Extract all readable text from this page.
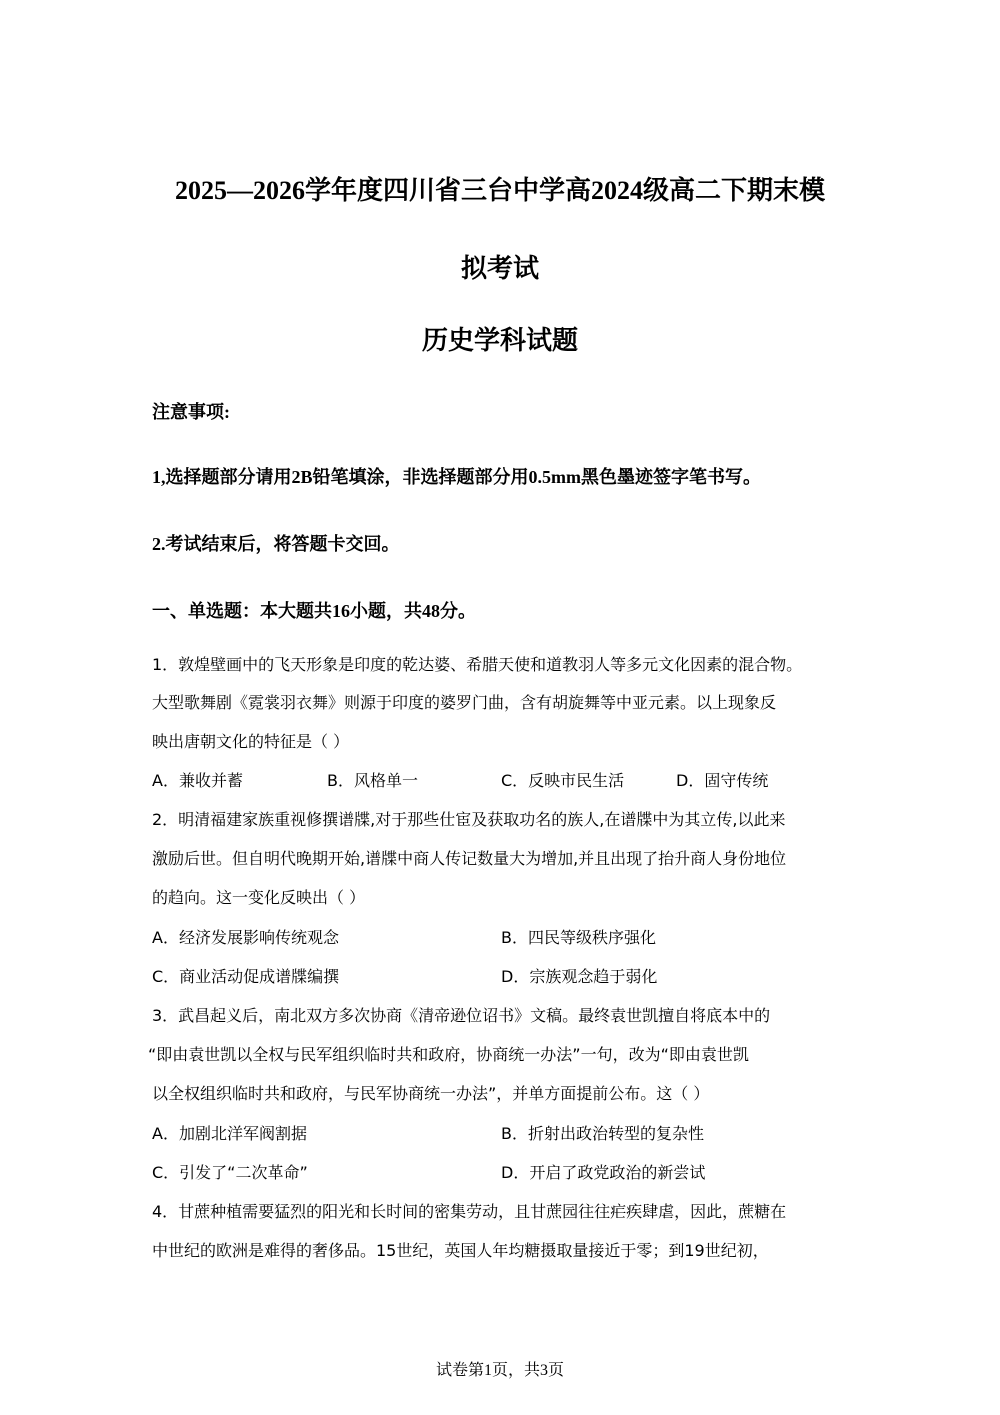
2025—2026学年度四川省三台中学高2024级高二下期末模
拟考试
历史学科试题
注意事项:
1,选择题部分请用2B铅笔填涂，非选择题部分用0.5mm黑色墨迹签字笔书写。
2.考试结束后，将答题卡交回。
一、单选题：本大题共16小题，共48分。
1．敦煌壁画中的飞天形象是印度的乾达婆、希腊天使和道教羽人等多元文化因素的混合物。
大型歌舞剧《霓裳羽衣舞》则源于印度的婆罗门曲，含有胡旋舞等中亚元素。以上现象反
映出唐朝文化的特征是（ ）
A．兼收并蓄	B．风格单一	C．反映市民生活	D．固守传统
2．明清福建家族重视修撰谱牒,对于那些仕宦及获取功名的族人,在谱牒中为其立传,以此来
激励后世。但自明代晚期开始,谱牒中商人传记数量大为增加,并且出现了抬升商人身份地位
的趋向。这一变化反映出（ ）
A．经济发展影响传统观念	B．四民等级秩序强化
C．商业活动促成谱牒编撰	D．宗族观念趋于弱化
3．武昌起义后，南北双方多次协商《清帝逊位诏书》文稿。最终袁世凯擅自将底本中的
“即由袁世凯以全权与民军组织临时共和政府，协商统一办法”一句，改为“即由袁世凯
以全权组织临时共和政府，与民军协商统一办法”，并单方面提前公布。这（ ）
A．加剧北洋军阀割据	B．折射出政治转型的复杂性
C．引发了“二次革命”	D．开启了政党政治的新尝试
4．甘蔗种植需要猛烈的阳光和长时间的密集劳动，且甘蔗园往往疟疾肆虐，因此，蔗糖在
中世纪的欧洲是难得的奢侈品。15世纪，英国人年均糖摄取量接近于零；到19世纪初，
试卷第1页，共3页
